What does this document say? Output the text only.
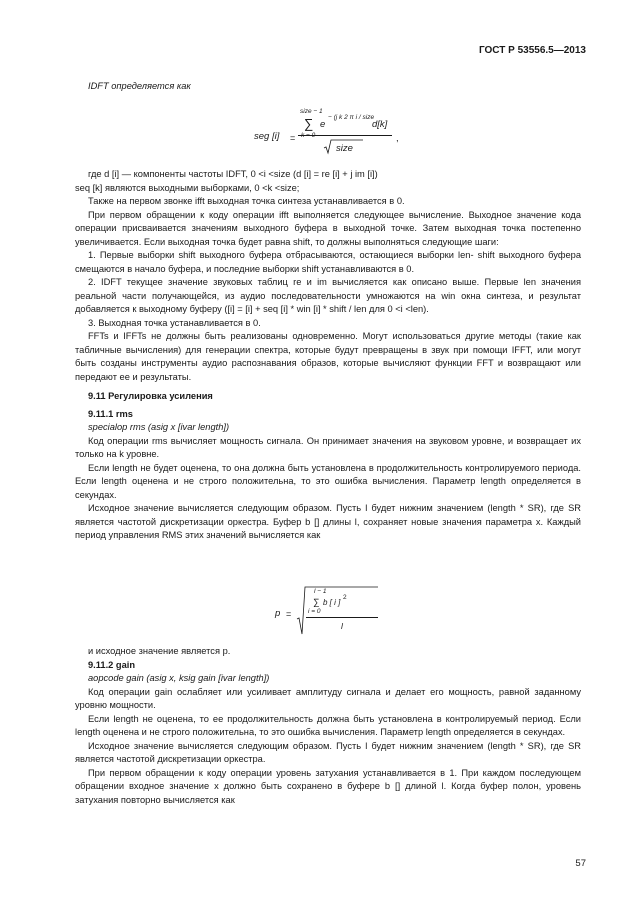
ГОСТ Р 53556.5—2013

IDFT определяется как

seg [i] =
size − 1
∑
k = 0
e
− (j k 2 π i / size
d[k]
size
,

где d [i] — компоненты частоты IDFT, 0 <i <size (d [i] = re [i] + j im [i])

seq [k] являются выходными выборками, 0 <k <size;

Также на первом звонке ifft выходная точка синтеза устанавливается в 0.

При первом обращении к коду операции ifft выполняется следующее вычисление. Выходное значение кода операции присваивается значениям выходного буфера в выходной точке. Затем выходная точка постепенно увеличивается. Если выходная точка будет равна shift, то должны выполняться следующие шаги:

1. Первые выборки shift выходного буфера отбрасываются, остающиеся выборки len- shift выходного буфера смещаются в начало буфера, и последние выборки shift устанавливаются в 0.

2. IDFT текущее значение звуковых таблиц re и im вычисляется как описано выше. Первые len значения реальной части получающейся, из аудио последовательности умножаются на win окна синтеза, и результат добавляется к выходному буферу ([i] = [i] + seq [i] * win [i] * shift / len для 0 <i <len).

3. Выходная точка устанавливается в 0.

FFTs и IFFTs не должны быть реализованы одновременно. Могут использоваться другие методы (такие как табличные вычисления) для генерации спектра, которые будут превращены в звук при помощи IFFT, или могут быть созданы инструменты аудио распознавания образов, которые вычисляют функции FFT и возвращают или передают ее и результаты.

9.11 Регулировка усиления

9.11.1 rms

specialop rms (asig x [ivar length])

Код операции rms вычисляет мощность сигнала. Он принимает значения на звуковом уровне, и возвращает их только на k уровне.

Если length не будет оценена, то она должна быть установлена в продолжительность контролируемого периода. Если length оценена и не строго положительна, то это ошибка вычисления. Параметр length определяется в секундах.

Исходное значение вычисляется следующим образом. Пусть l будет нижним значением (length * SR), где SR является частотой дискретизации оркестра. Буфер b [] длины l, сохраняет новые значения параметра x. Каждый период управления RMS этих значений вычисляется как

p =
l − 1
∑ b [ i ]
2
i = 0
l

и исходное значение является p.

9.11.2 gain

aopcode gain (asig x, ksig gain [ivar length])

Код операции gain ослабляет или усиливает амплитуду сигнала и делает его мощность, равной заданному уровню мощности.

Если length не оценена, то ее продолжительность должна быть установлена в контролируемый период. Если length оценена и не строго положительна, то это ошибка вычисления. Параметр length определяется в секундах.

Исходное значение вычисляется следующим образом. Пусть l будет нижним значением (length * SR), где SR является частотой дискретизации оркестра.

При первом обращении к коду операции уровень затухания устанавливается в 1. При каждом последующем обращении входное значение x должно быть сохранено в буфере b [] длиной l. Когда буфер полон, уровень затухания повторно вычисляется как

57
